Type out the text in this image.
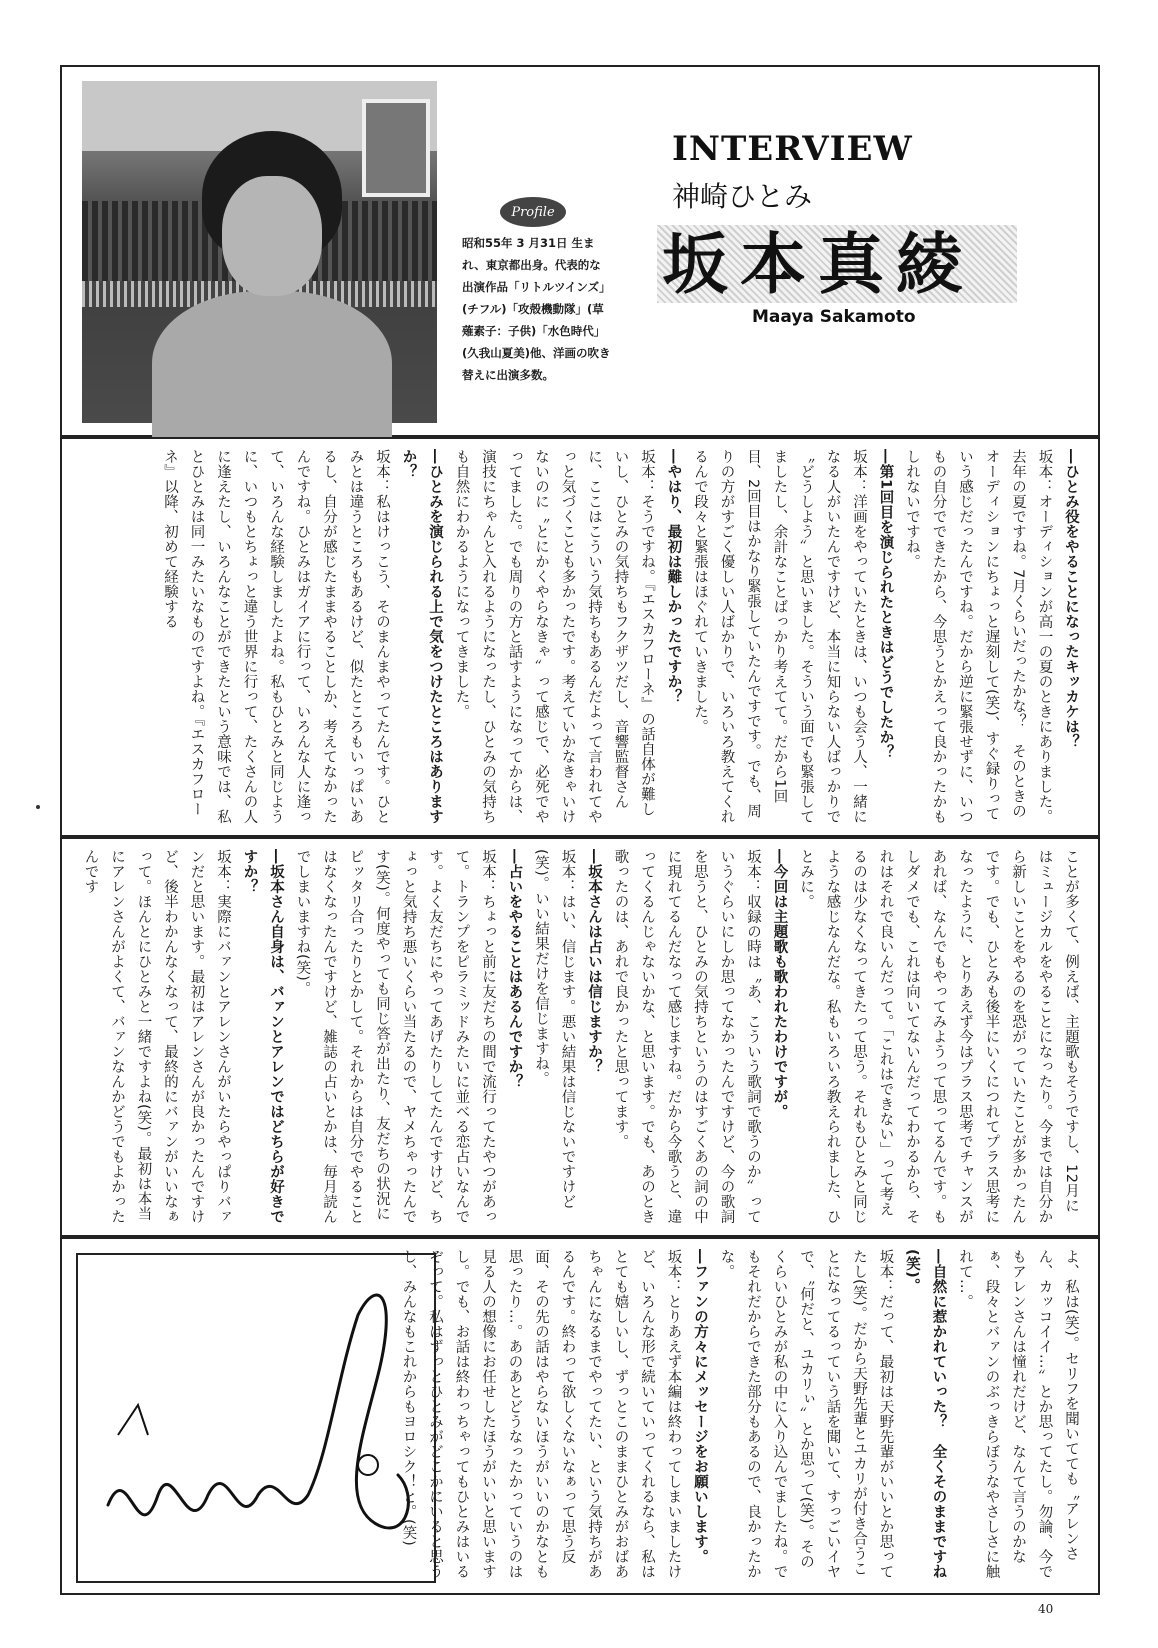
Profile
昭和55年 3 月31日 生まれ、東京都出身。代表的な出演作品「リトルツインズ」(チフル)「攻殻機動隊」(草薙素子：子供)「水色時代」(久我山夏美)他、洋画の吹き替えに出演多数。
INTERVIEW
神崎ひとみ
坂本真綾
Maaya Sakamoto

―ひとみ役をやることになったキッカケは？

坂本：オーディションが高一の夏のときにありました。去年の夏ですね。7月くらいだったかな？　そのときのオーディションにちょっと遅刻して(笑)、すぐ録りっていう感じだったんですね。だから逆に緊張せずに、いつもの自分でできたから、今思うとかえって良かったかもしれないですね。

―第1回目を演じられたときはどうでしたか？

坂本：洋画をやっていたときは、いつも会う人、一緒になる人がいたんですけど、本当に知らない人ばっかりで〝どうしよう〟と思いました。そういう面でも緊張してましたし、余計なことばっかり考えてて。だから1回目、2回目はかなり緊張していたんですです。でも、周りの方がすごく優しい人ばかりで、いろいろ教えてくれるんで段々と緊張はほぐれていきました。

―やはり、最初は難しかったですか？

坂本：そうですね。『エスカフローネ』の話自体が難しいし、ひとみの気持ちもフクザツだし、音響監督さんに、ここはこういう気持ちもあるんだよって言われてやっと気づくことも多かったです。考えていかなきゃいけないのに〝とにかくやらなきゃ〟って感じで、必死でやってました。でも周りの方と話すようになってからは、演技にちゃんと入れるようになったし、ひとみの気持ちも自然にわかるようになってきました。

―ひとみを演じられる上で気をつけたところはありますか？

坂本：私はけっこう、そのまんまやってたんです。ひとみとは違うところもあるけど、似たところもいっぱいあるし、自分が感じたままやることしか、考えてなかったんですね。ひとみはガイアに行って、いろんな人に逢って、いろんな経験しましたよね。私もひとみと同じように、いつもとちょっと違う世界に行って、たくさんの人に逢えたし、いろんなことができたという意味では、私とひとみは同一みたいなものですよね。『エスカフローネ』以降、初めて経験する

ことが多くて、例えば、主題歌もそうですし、12月にはミュージカルをやることになったり。今までは自分から新しいことをやるのを恐がっていたことが多かったんです。でも、ひとみも後半にいくにつれてプラス思考になったように、とりあえず今はプラス思考でチャンスがあれば、なんでもやってみようって思ってるんです。もしダメでも、これは向いてないんだってわかるから、それはそれで良いんだって。「これはできない」って考えるのは少なくなってきたって思う。それもひとみと同じような感じなんだな。私もいろいろ教えられました、ひとみに。

―今回は主題歌も歌われたわけですが。

坂本：収録の時は〝あ、こういう歌詞で歌うのか〟っていうぐらいにしか思ってなかったんですけど、今の歌詞を思うと、ひとみの気持ちというのはすごくあの詞の中に現れてるんだなって感じますね。だから今歌うと、違ってくるんじゃないかな、と思います。でも、あのとき歌ったのは、あれで良かったと思ってます。

―坂本さんは占いは信じますか？

坂本：はい、信じます。悪い結果は信じないですけど(笑)。いい結果だけを信じますね。

―占いをやることはあるんですか？

坂本：ちょっと前に友だちの間で流行ってたやつがあって。トランプをピラミッドみたいに並べる恋占いなんです。よく友だちにやってあげたりしてたんですけど、ちょっと気持ち悪いくらい当たるので、ヤメちゃったんです(笑)。何度やっても同じ答が出たり、友だちの状況にピッタリ合ったりとかして。それからは自分でやることはなくなったんですけど、雑誌の占いとかは、毎月読んでしまいますね(笑)。

―坂本さん自身は、バァンとアレンではどちらが好きですか？

坂本：実際にバァンとアレンさんがいたらやっぱりバァンだと思います。最初はアレンさんが良かったんですけど、後半わかんなくなって、最終的にバァンがいいなぁって。ほんとにひとみと一緒ですよね(笑)。最初は本当にアレンさんがよくて、バァンなんかどうでもよかったんです

よ、私は(笑)。セリフを聞いてても〝アレンさん、カッコイイ…〟とか思ってたし。勿論、今でもアレンさんは憧れだけど、なんて言うのかなぁ、段々とバァンのぶっきらぼうなやさしさに触れて…。

―自然に惹かれていった？　全くそのままですね(笑)。

坂本：だって、最初は天野先輩がいいとか思ってたし(笑)。だから天野先輩とユカリが付き合うことになってるっていう話を聞いて、すっごいイヤで、〝何だと、ユカリぃ〟とか思って(笑)。そのくらいひとみが私の中に入り込んでましたね。でもそれだからできた部分もあるので、良かったかな。

―ファンの方々にメッセージをお願いします。

坂本：とりあえず本編は終わってしまいましたけど、いろんな形で続いていってくれるなら、私はとても嬉しいし、ずっとこのままひとみがおばあちゃんになるまでやってたい、という気持ちがあるんです。終わって欲しくないなぁって思う反面、その先の話はやらないほうがいいのかなとも思ったり…。あのあとどうなったかっていうのは見る人の想像にお任せしたほうがいいと思いますし。でも、お話は終わっちゃってもひとみはいるぞって。私はずっとひとみがどこかにいると思うし、みんなもこれからもヨロシク！と。(笑)

40
